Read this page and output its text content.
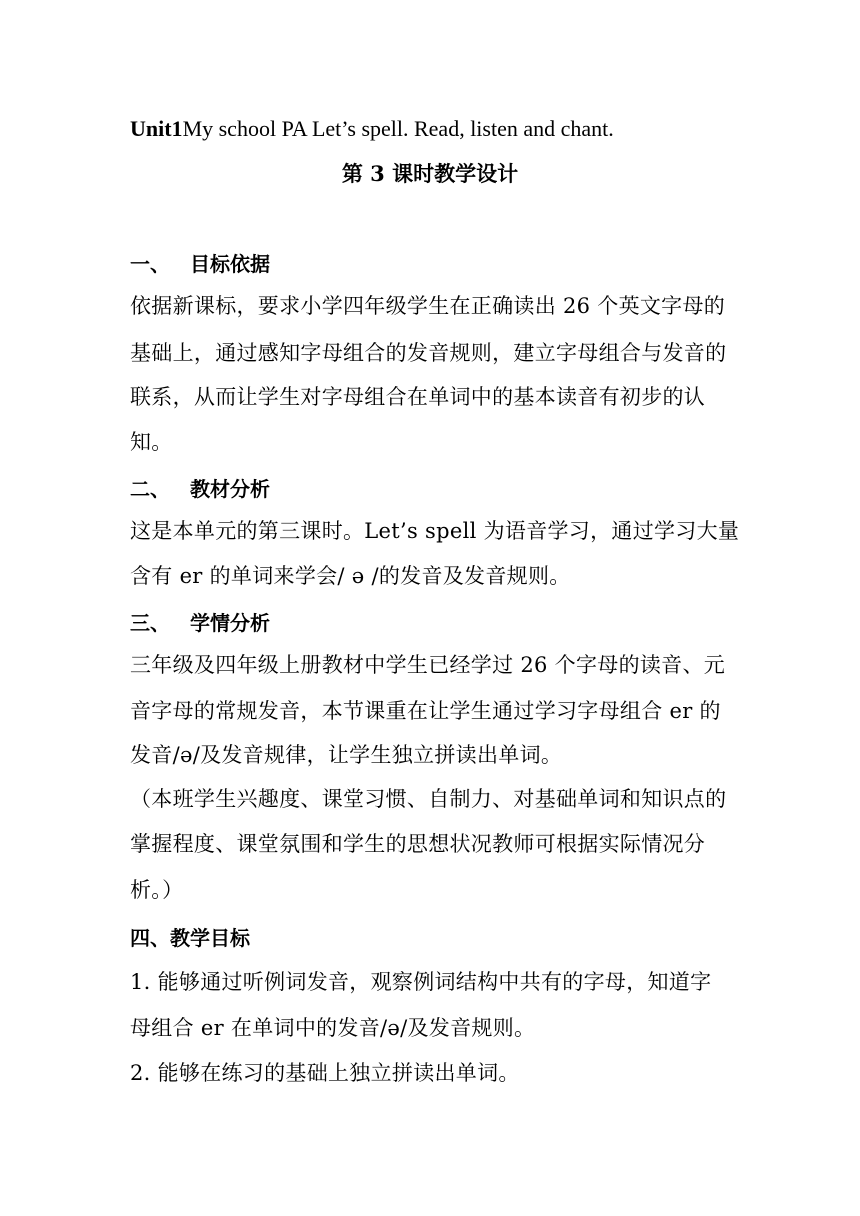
Unit1My school PA Let’s spell. Read, listen and chant.
第 3 课时教学设计
一、 目标依据
依据新课标，要求小学四年级学生在正确读出 26 个英文字母的
基础上，通过感知字母组合的发音规则，建立字母组合与发音的
联系，从而让学生对字母组合在单词中的基本读音有初步的认
知。
二、 教材分析
这是本单元的第三课时。Let’s spell 为语音学习，通过学习大量
含有 er 的单词来学会/ ə /的发音及发音规则。
三、 学情分析
三年级及四年级上册教材中学生已经学过 26 个字母的读音、元
音字母的常规发音，本节课重在让学生通过学习字母组合 er 的
发音/ə/及发音规律，让学生独立拼读出单词。
（本班学生兴趣度、课堂习惯、自制力、对基础单词和知识点的
掌握程度、课堂氛围和学生的思想状况教师可根据实际情况分
析。）
四、教学目标
1. 能够通过听例词发音，观察例词结构中共有的字母，知道字
母组合 er 在单词中的发音/ə/及发音规则。
2. 能够在练习的基础上独立拼读出单词。
